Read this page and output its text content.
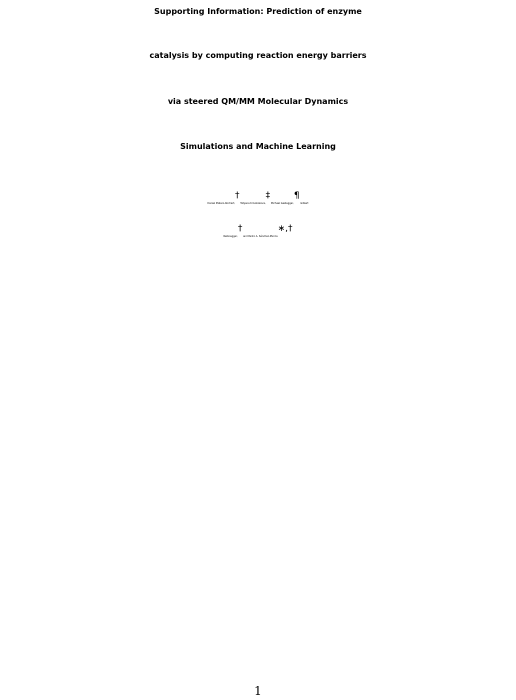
Supporting Information: Prediction of enzyme
catalysis by computing reaction energy barriers
via steered QM/MM Molecular Dynamics
Simulations and Machine Learning
Daniel Platero-Rochart,† Tatyana Krivobokova,‡ Michael Gastegger,¶ Gilbert
Reibnegger,† and Pedro A. Sánchez-Murcia∗,†
1
